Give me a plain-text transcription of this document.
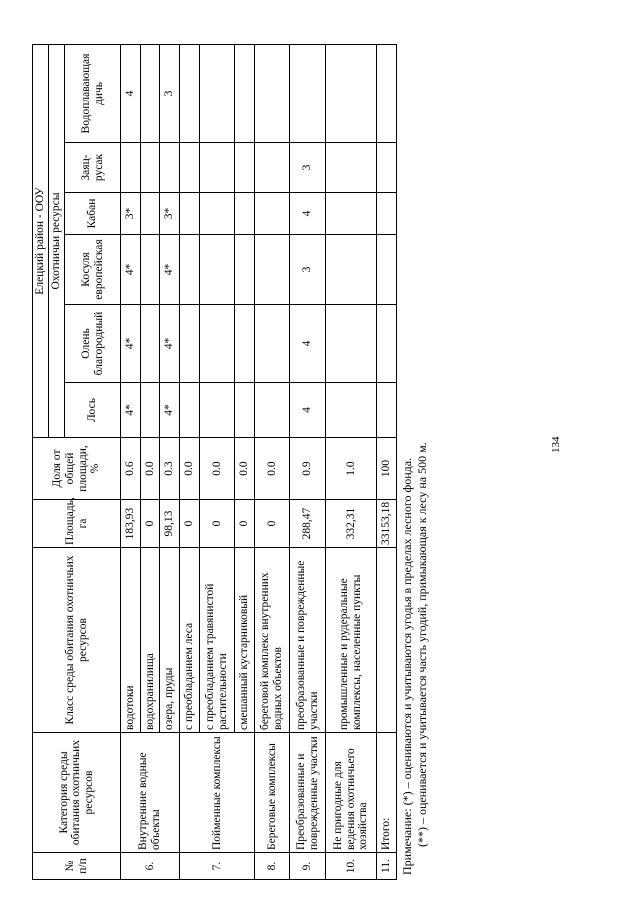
№ п/п	Категория среды обитания охотничьих ресурсов	Класс среды обитания охотничьих ресурсов	Площадь, га	Доля от общей площади, %	Елецкий район - ООУ					
					Охотничьи ресурсы					
					Лось	Олень благородный	Косуля европейская	Кабан	Заяц-русак	Водоплавающая дичь
6.	Внутренние водные объекты	водотоки	183,93	0.6	4*	4*	4*	3*		4
		водохранилища	0	0.0						
		озера, пруды	98,13	0.3	4*	4*	4*	3*		3
7.	Пойменные комплексы	с преобладанием леса	0	0.0						
		с преобладанием травянистой растительности	0	0.0						
		смешанный кустарниковый	0	0.0						
8.	Береговые комплексы	береговой комплекс внутренних водных объектов	0	0.0						
9.	Преобразованные и поврежденные участки	преобразованные и поврежденные участки	288,47	0.9	4	4	3	4	3	
10.	Не пригодные для ведения охотничьего хозяйства	промышленные и рудеральные комплексы, населенные пункты	332,31	1.0						
11.	Итого:		33153,18	100						Примечание: (*) – оцениваются и учитываются угодья в пределах лесного фонда. (**) – оценивается и учитывается часть угодий, примыкающая к лесу на 500 м.	134
